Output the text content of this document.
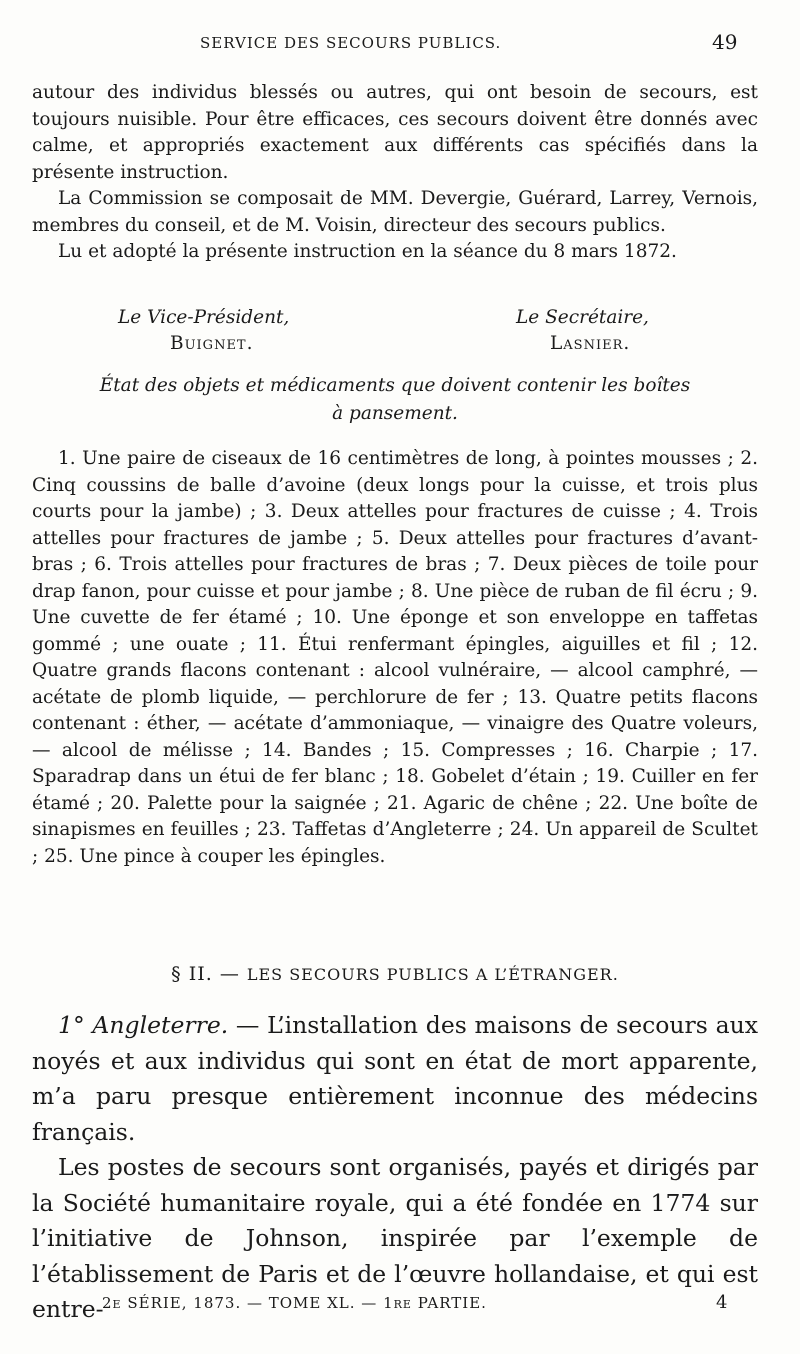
SERVICE DES SECOURS PUBLICS.	49

autour des individus blessés ou autres, qui ont besoin de secours, est toujours nuisible. Pour être efficaces, ces secours doivent être donnés avec calme, et appropriés exactement aux différents cas spécifiés dans la présente instruction.

La Commission se composait de MM. Devergie, Guérard, Larrey, Vernois, membres du conseil, et de M. Voisin, directeur des secours publics.

Lu et adopté la présente instruction en la séance du 8 mars 1872.

Le Vice-Président,	Le Secrétaire,
Buignet.	Lasnier.
État des objets et médicaments que doivent contenir les boîtes
à pansement.
1. Une paire de ciseaux de 16 centimètres de long, à pointes mousses ; 2. Cinq coussins de balle d’avoine (deux longs pour la cuisse, et trois plus courts pour la jambe) ; 3. Deux attelles pour fractures de cuisse ; 4. Trois attelles pour fractures de jambe ; 5. Deux attelles pour fractures d’avant-bras ; 6. Trois attelles pour fractures de bras ; 7. Deux pièces de toile pour drap fanon, pour cuisse et pour jambe ; 8. Une pièce de ruban de fil écru ; 9. Une cuvette de fer étamé ; 10. Une éponge et son enveloppe en taffetas gommé ; une ouate ; 11. Étui renfermant épingles, aiguilles et fil ; 12. Quatre grands flacons contenant : alcool vulnéraire, — alcool camphré, — acétate de plomb liquide, — perchlorure de fer ; 13. Quatre petits flacons contenant : éther, — acétate d’ammoniaque, — vinaigre des Quatre voleurs, — alcool de mélisse ; 14. Bandes ; 15. Compresses ; 16. Charpie ; 17. Sparadrap dans un étui de fer blanc ; 18. Gobelet d’étain ; 19. Cuiller en fer étamé ; 20. Palette pour la saignée ; 21. Agaric de chêne ; 22. Une boîte de sinapismes en feuilles ; 23. Taffetas d’Angleterre ; 24. Un appareil de Scultet ; 25. Une pince à couper les épingles.
§ II. — LES SECOURS PUBLICS A L’ÉTRANGER.

1° Angleterre. — L’installation des maisons de secours aux noyés et aux individus qui sont en état de mort apparente, m’a paru presque entièrement inconnue des médecins français.

Les postes de secours sont organisés, payés et dirigés par la Société humanitaire royale, qui a été fondée en 1774 sur l’initiative de Johnson, inspirée par l’exemple de l’établissement de Paris et de l’œuvre hollandaise, et qui est entre-

2e SÉRIE, 1873. — TOME XL. — 1re PARTIE.	4
